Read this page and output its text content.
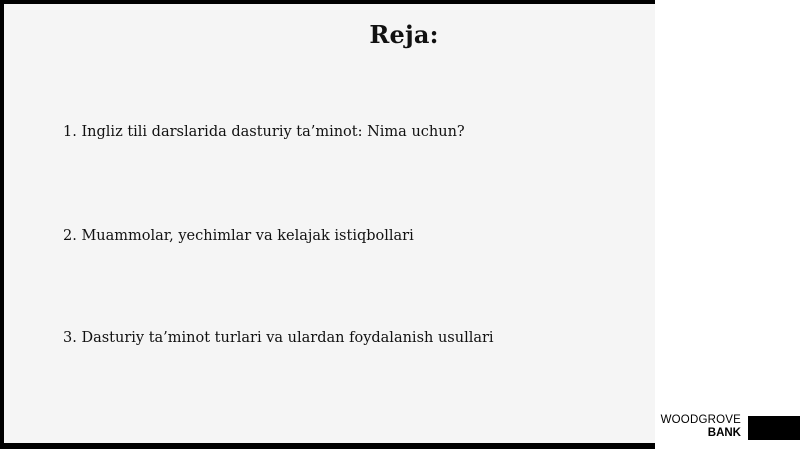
Reja:
1. Ingliz tili darslarida dasturiy ta’minot: Nima uchun?
2. Muammolar, yechimlar va kelajak istiqbollari
3. Dasturiy ta’minot turlari va ulardan foydalanish usullari
WOODGROVE
BANK
